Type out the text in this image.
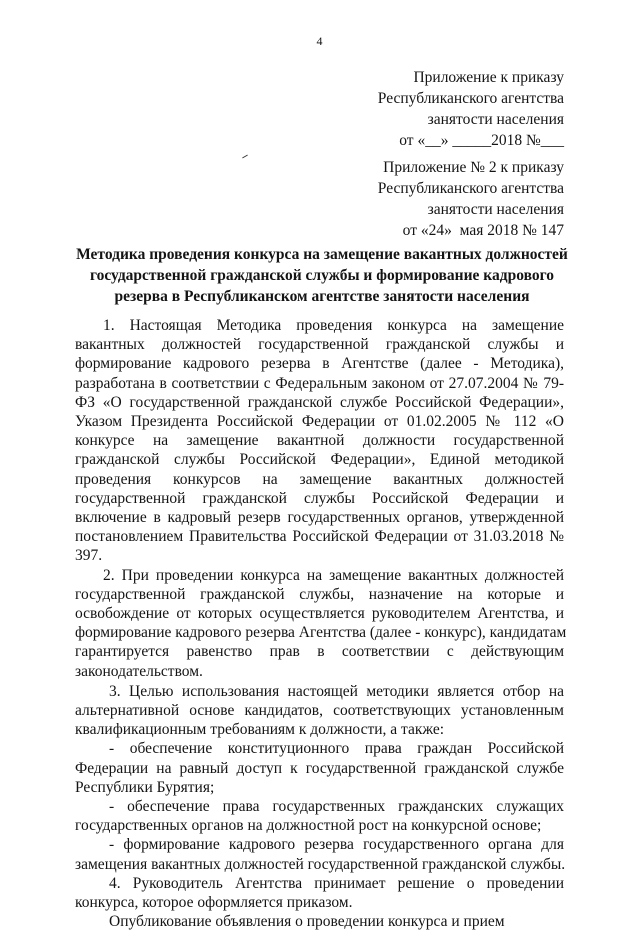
4
Приложение к приказу
Республиканского агентства
занятости населения
от «__» _____2018 №___
Приложение № 2 к приказу
Республиканского агентства
занятости населения
от «24»  мая 2018 № 147
Методика проведения конкурса на замещение вакантных должностей
государственной гражданской службы и формирование кадрового
резерва в Республиканском агентстве занятости населения
1. Настоящая Методика проведения конкурса на замещение
вакантных должностей государственной гражданской службы и
формирование кадрового резерва в Агентстве (далее - Методика),
разработана в соответствии с Федеральным законом от 27.07.2004 № 79-
ФЗ «О государственной гражданской службе Российской Федерации»,
Указом Президента Российской Федерации от 01.02.2005 № 112 «О
конкурсе на замещение вакантной должности государственной
гражданской службы Российской Федерации», Единой методикой
проведения конкурсов на замещение вакантных должностей
государственной гражданской службы Российской Федерации и
включение в кадровый резерв государственных органов, утвержденной
постановлением Правительства Российской Федерации от 31.03.2018 №
397.
2. При проведении конкурса на замещение вакантных должностей
государственной гражданской службы, назначение на которые и
освобождение от которых осуществляется руководителем Агентства, и
формирование кадрового резерва Агентства (далее - конкурс), кандидатам
гарантируется равенство прав в соответствии с действующим
законодательством.
3. Целью использования настоящей методики является отбор на
альтернативной основе кандидатов, соответствующих установленным
квалификационным требованиям к должности, а также:
- обеспечение конституционного права граждан Российской
Федерации на равный доступ к государственной гражданской службе
Республики Бурятия;
- обеспечение права государственных гражданских служащих
государственных органов на должностной рост на конкурсной основе;
- формирование кадрового резерва государственного органа для
замещения вакантных должностей государственной гражданской службы.
4. Руководитель Агентства принимает решение о проведении
конкурса, которое оформляется приказом.
Опубликование объявления о проведении конкурса и прием
